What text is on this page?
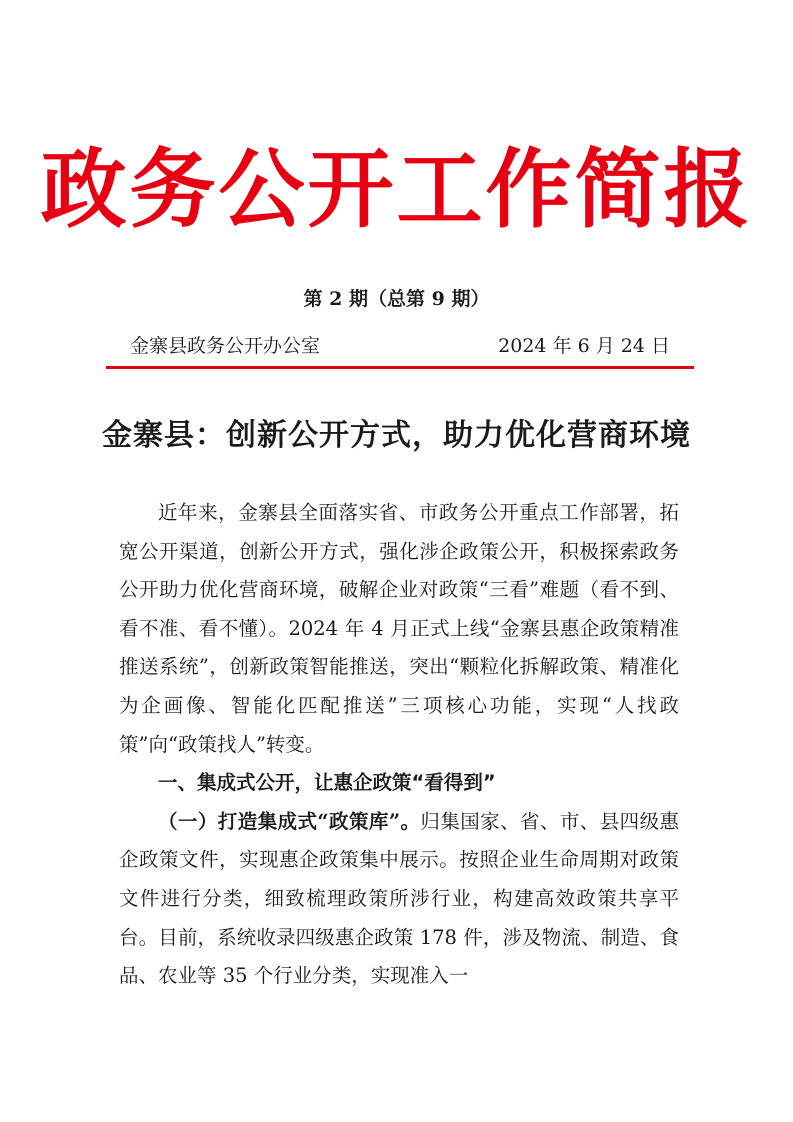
政务公开工作简报
第 2 期（总第 9 期）
金寨县政务公开办公室	2024 年 6 月 24 日
金寨县：创新公开方式，助力优化营商环境

近年来，金寨县全面落实省、市政务公开重点工作部署，拓宽公开渠道，创新公开方式，强化涉企政策公开，积极探索政务公开助力优化营商环境，破解企业对政策“三看”难题（看不到、看不准、看不懂）。2024 年 4 月正式上线“金寨县惠企政策精准推送系统”，创新政策智能推送，突出“颗粒化拆解政策、精准化为企画像、智能化匹配推送”三项核心功能，实现“人找政策”向“政策找人”转变。

一、集成式公开，让惠企政策“看得到”

（一）打造集成式“政策库”。归集国家、省、市、县四级惠企政策文件，实现惠企政策集中展示。按照企业生命周期对政策文件进行分类，细致梳理政策所涉行业，构建高效政策共享平台。目前，系统收录四级惠企政策 178 件，涉及物流、制造、食品、农业等 35 个行业分类，实现准入一
